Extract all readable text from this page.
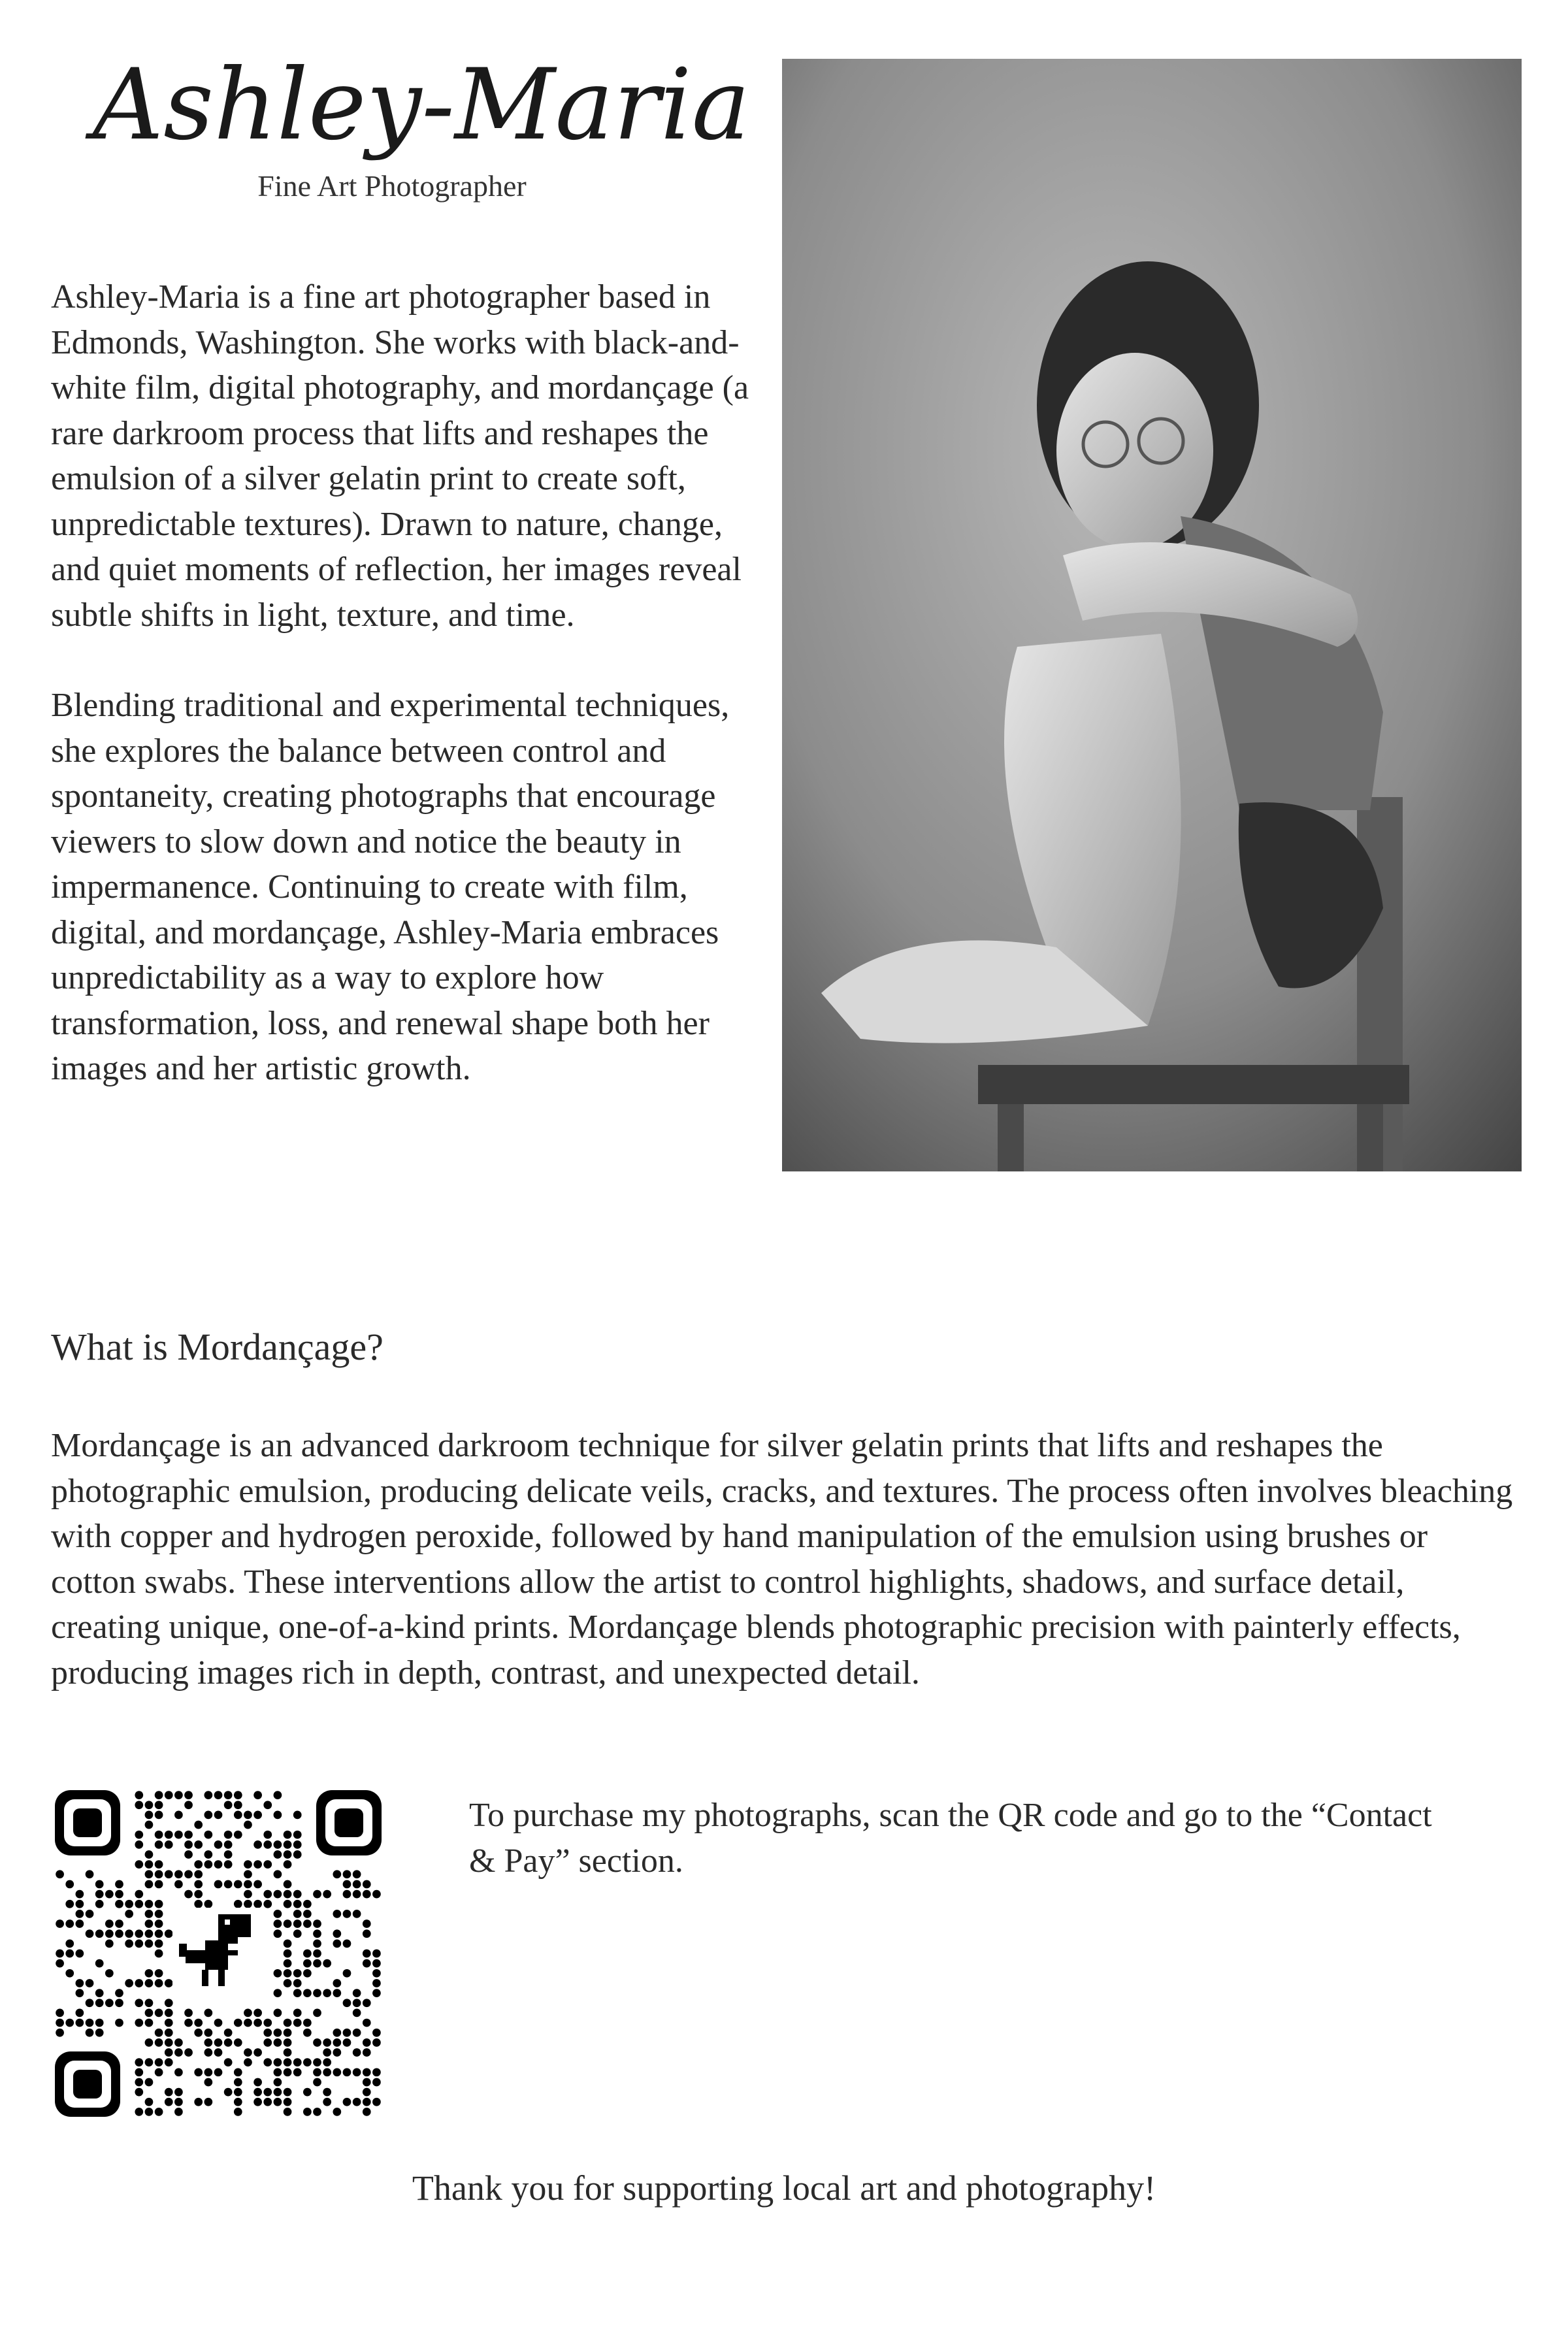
Ashley-Maria
Fine Art Photographer

Ashley-Maria is a fine art photographer based in Edmonds, Washington. She works with black-and-white film, digital photography, and mordançage (a rare darkroom process that lifts and reshapes the emulsion of a silver gelatin print to create soft, unpredictable textures). Drawn to nature, change, and quiet moments of reflection, her images reveal subtle shifts in light, texture, and time.

Blending traditional and experimental techniques, she explores the balance between control and spontaneity, creating photographs that encourage viewers to slow down and notice the beauty in impermanence. Continuing to create with film, digital, and mordançage, Ashley-Maria embraces unpredictability as a way to explore how transformation, loss, and renewal shape both her images and her artistic growth.

What is Mordançage?

Mordançage is an advanced darkroom technique for silver gelatin prints that lifts and reshapes the photographic emulsion, producing delicate veils, cracks, and textures. The process often involves bleaching with copper and hydrogen peroxide, followed by hand manipulation of the emulsion using brushes or cotton swabs. These interventions allow the artist to control highlights, shadows, and surface detail, creating unique, one-of-a-kind prints. Mordançage blends photographic precision with painterly effects, producing images rich in depth, contrast, and unexpected detail.

To purchase my photographs, scan the QR code and go to the “Contact & Pay” section.

Thank you for supporting local art and photography!
